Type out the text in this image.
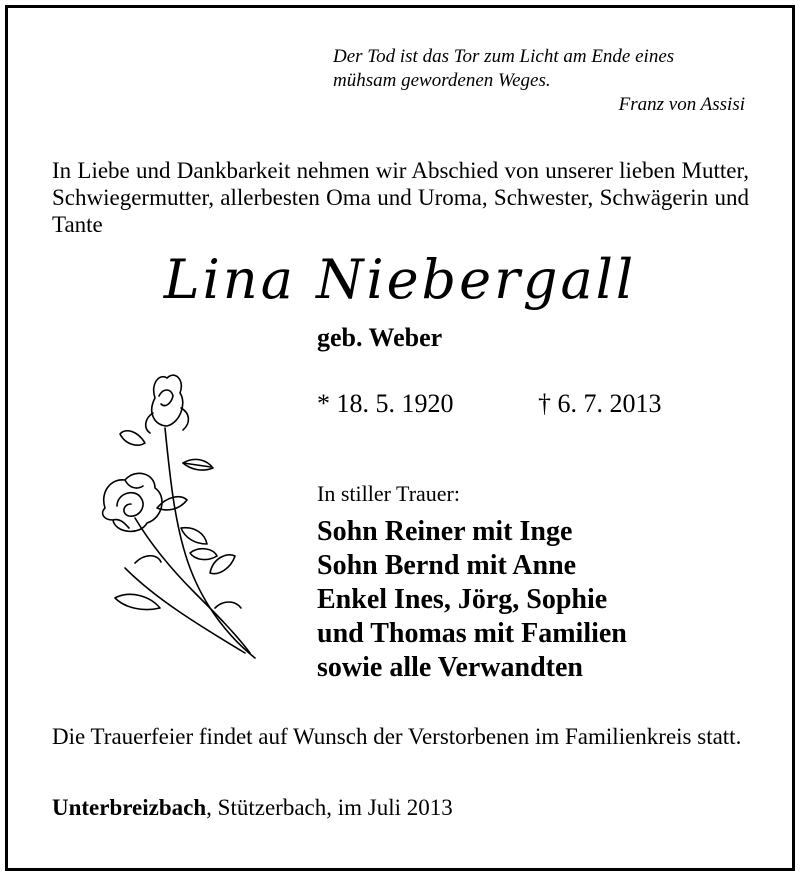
Der Tod ist das Tor zum Licht am Ende eines
mühsam gewordenen Weges.
Franz von Assisi
In Liebe und Dankbarkeit nehmen wir Abschied von unserer lieben Mutter, Schwiegermutter, allerbesten Oma und Uroma, Schwester, Schwägerin und Tante
Lina Niebergall
geb. Weber
* 18. 5. 1920	† 6. 7. 2013
In stiller Trauer:
Sohn Reiner mit Inge
Sohn Bernd mit Anne
Enkel Ines, Jörg, Sophie
und Thomas mit Familien
sowie alle Verwandten
Die Trauerfeier findet auf Wunsch der Verstorbenen im Familienkreis statt.
Unterbreizbach, Stützerbach, im Juli 2013
